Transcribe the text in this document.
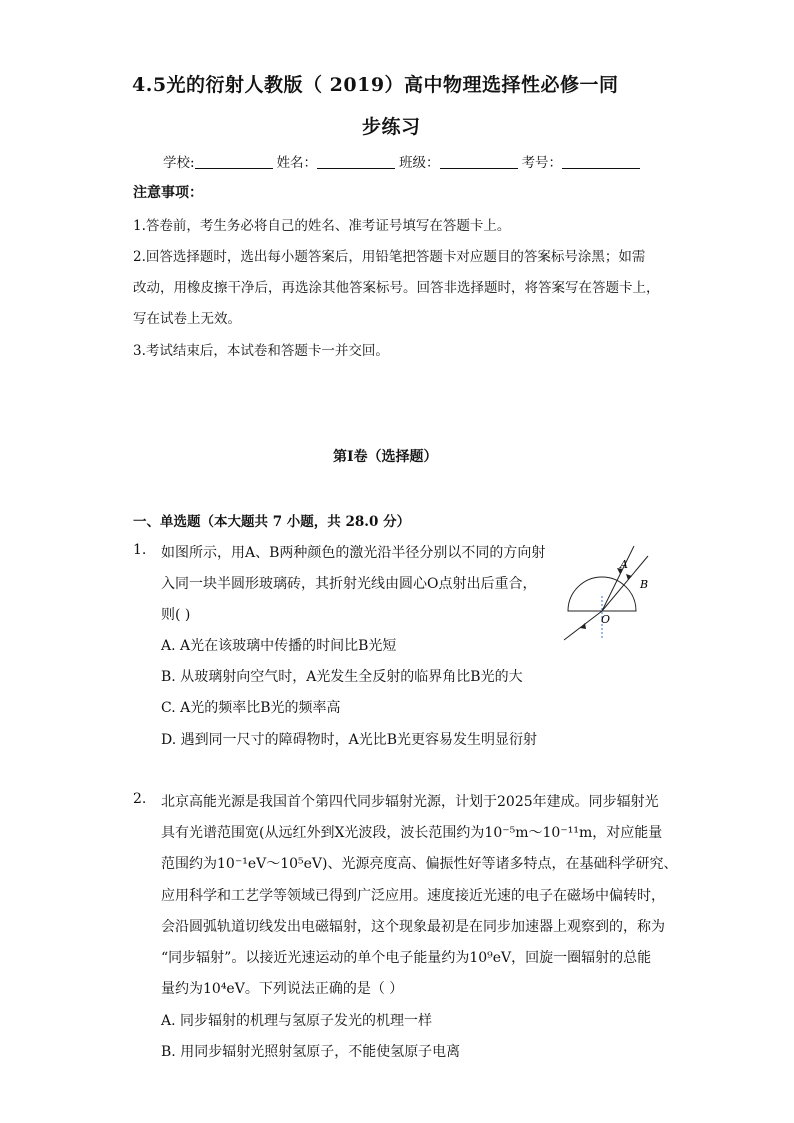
4.5光的衍射人教版（ 2019）高中物理选择性必修一同
步练习
学校:	姓名：	班级：	考号：
注意事项：
1.答卷前，考生务必将自己的姓名、准考证号填写在答题卡上。
2.回答选择题时，选出每小题答案后，用铅笔把答题卡对应题目的答案标号涂黑；如需
改动，用橡皮擦干净后，再选涂其他答案标号。回答非选择题时，将答案写在答题卡上，
写在试卷上无效。
3.考试结束后，本试卷和答题卡一并交回。
第I卷（选择题）
一、单选题（本大题共 7 小题，共 28.0 分）
1. 如图所示，用A、B两种颜色的激光沿半径分别以不同的方向射
入同一块半圆形玻璃砖，其折射光线由圆心O点射出后重合，
则( )
A. A光在该玻璃中传播的时间比B光短
B. 从玻璃射向空气时，A光发生全反射的临界角比B光的大
C. A光的频率比B光的频率高
D. 遇到同一尺寸的障碍物时，A光比B光更容易发生明显衍射
A
B
O
2. 北京高能光源是我国首个第四代同步辐射光源，计划于2025年建成。同步辐射光
具有光谱范围宽(从远红外到X光波段，波长范围约为10⁻⁵m～10⁻¹¹m，对应能量
范围约为10⁻¹eV～10⁵eV)、光源亮度高、偏振性好等诸多特点，在基础科学研究、
应用科学和工艺学等领域已得到广泛应用。速度接近光速的电子在磁场中偏转时，
会沿圆弧轨道切线发出电磁辐射，这个现象最初是在同步加速器上观察到的，称为
“同步辐射”。以接近光速运动的单个电子能量约为10⁹eV，回旋一圈辐射的总能
量约为10⁴eV。下列说法正确的是（ ）
A. 同步辐射的机理与氢原子发光的机理一样
B. 用同步辐射光照射氢原子，不能使氢原子电离
